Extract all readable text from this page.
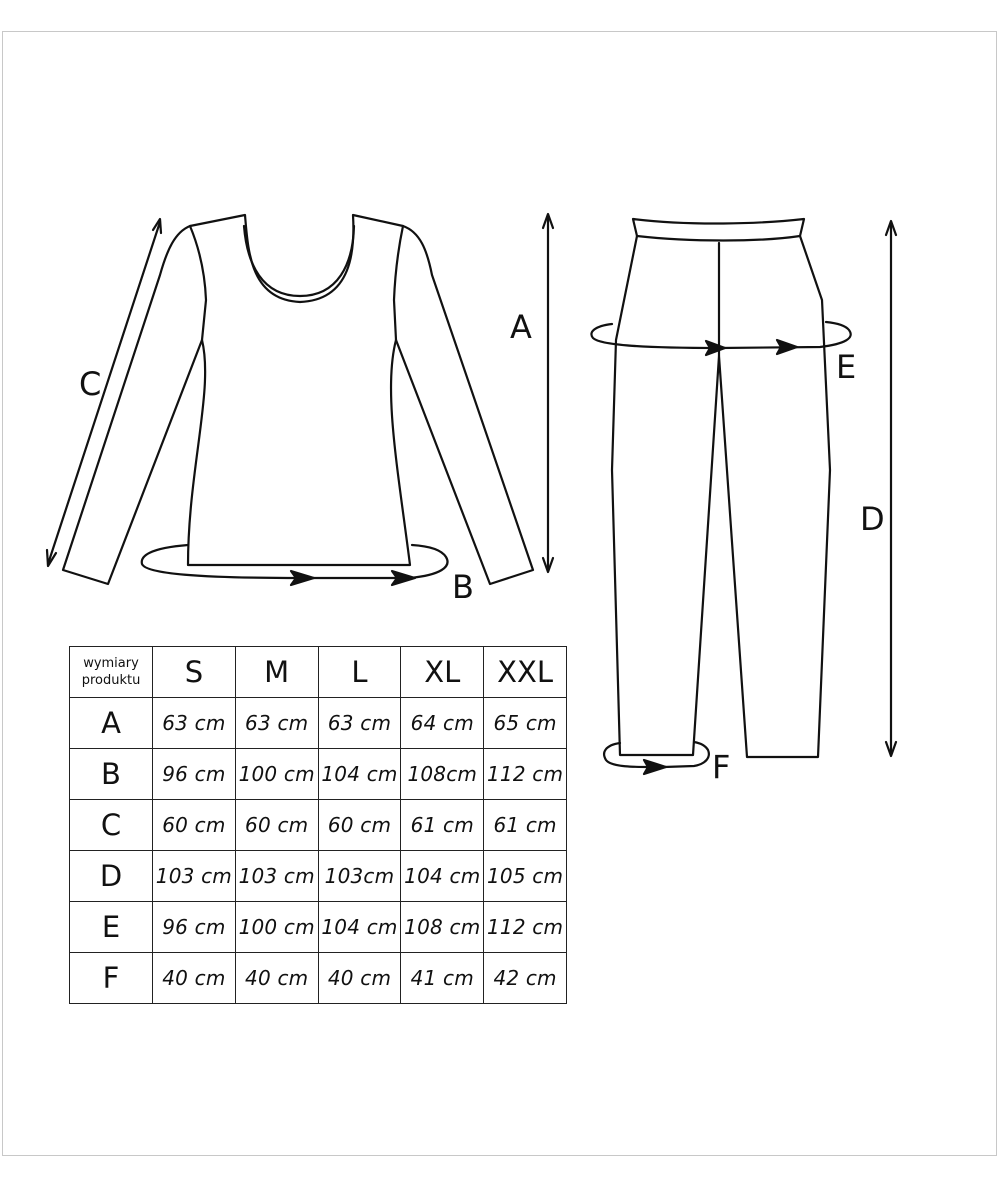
A
B
C
D
E
F
wymiary
produktu	S	M	L	XL	XXL
A	63 cm	63 cm	63 cm	64 cm	65 cm
B	96 cm	100 cm	104 cm	108cm	112 cm
C	60 cm	60 cm	60 cm	61 cm	61 cm
D	103 cm	103 cm	103cm	104 cm	105 cm
E	96 cm	100 cm	104 cm	108 cm	112 cm
F	40 cm	40 cm	40 cm	41 cm	42 cm
